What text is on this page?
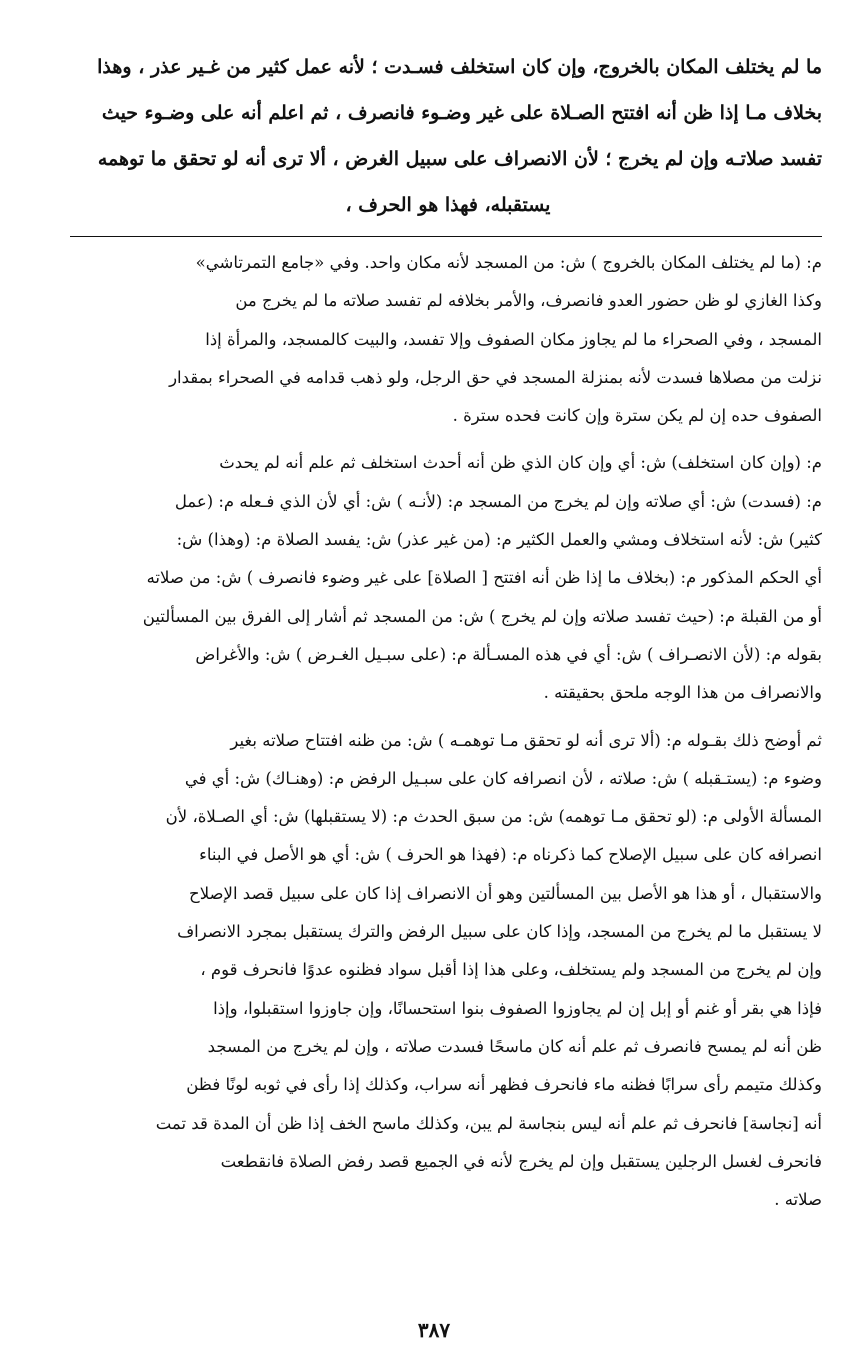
ما لم يختلف المكان بالخروج، وإن كان استخلف فسـدت ؛ لأنه عمل كثير من غـير عذر ، وهذا

بخلاف مـا إذا ظن أنه افتتح الصـلاة على غير وضـوء فانصرف ، ثم اعلم أنه على وضـوء حيث

تفسد صلاتـه وإن لم يخرج ؛ لأن الانصراف على سبيل الغرض ، ألا ترى أنه لو تحقق ما توهمه

يستقبله، فهذا هو الحرف ،

م: (ما لم يختلف المكان بالخروج ) ش: من المسجد لأنه مكان واحد. وفي «جامع التمرتاشي»
وكذا الغازي لو ظن حضور العدو فانصرف، والأمر بخلافه لم تفسد صلاته ما لم يخرج من
المسجد ، وفي الصحراء ما لم يجاوز مكان الصفوف وإلا تفسد، والبيت كالمسجد، والمرأة إذا
نزلت من مصلاها فسدت لأنه بمنزلة المسجد في حق الرجل، ولو ذهب قدامه في الصحراء بمقدار
الصفوف حده إن لم يكن سترة وإن كانت فحده سترة .

م: (وإن كان استخلف) ش: أي وإن كان الذي ظن أنه أحدث استخلف ثم علم أنه لم يحدث
م: (فسدت) ش: أي صلاته وإن لم يخرج من المسجد م: (لأنـه ) ش: أي لأن الذي فـعله م: (عمل
كثير) ش: لأنه استخلاف ومشي والعمل الكثير م: (من غير عذر) ش: يفسد الصلاة م: (وهذا) ش:
أي الحكم المذكور م: (بخلاف ما إذا ظن أنه افتتح [ الصلاة] على غير وضوء فانصرف ) ش: من صلاته
أو من القبلة م: (حيث تفسد صلاته وإن لم يخرج ) ش: من المسجد ثم أشار إلى الفرق بين المسألتين
بقوله م: (لأن الانصـراف ) ش: أي في هذه المسـألة م: (على سبـيل الغـرض ) ش: والأغراض
والانصراف من هذا الوجه ملحق بحقيقته .

ثم أوضح ذلك بقـوله م: (ألا ترى أنه لو تحقق مـا توهمـه ) ش: من ظنه افتتاح صلاته بغير
وضوء م: (يستـقبله ) ش: صلاته ، لأن انصرافه كان على سبـيل الرفض م: (وهنـاك) ش: أي في
المسألة الأولى م: (لو تحقق مـا توهمه) ش: من سبق الحدث م: (لا يستقبلها) ش: أي الصـلاة، لأن
انصرافه كان على سبيل الإصلاح كما ذكرناه م: (فهذا هو الحرف ) ش: أي هو الأصل في البناء
والاستقبال ، أو هذا هو الأصل بين المسألتين وهو أن الانصراف إذا كان على سبيل قصد الإصلاح
لا يستقبل ما لم يخرج من المسجد، وإذا كان على سبيل الرفض والترك يستقبل بمجرد الانصراف
وإن لم يخرج من المسجد ولم يستخلف، وعلى هذا إذا أقبل سواد فظنوه عدوًا فانحرف قوم ،
فإذا هي بقر أو غنم أو إبل إن لم يجاوزوا الصفوف بنوا استحسانًا، وإن جاوزوا استقبلوا، وإذا
ظن أنه لم يمسح فانصرف ثم علم أنه كان ماسحًا فسدت صلاته ، وإن لم يخرج من المسجد
وكذلك متيمم رأى سرابًا فظنه ماء فانحرف فظهر أنه سراب، وكذلك إذا رأى في ثوبه لونًا فظن
أنه [نجاسة] فانحرف ثم علم أنه ليس بنجاسة لم يبن، وكذلك ماسح الخف إذا ظن أن المدة قد تمت
فانحرف لغسل الرجلين يستقبل وإن لم يخرج لأنه في الجميع قصد رفض الصلاة فانقطعت
صلاته .

٣٨٧
